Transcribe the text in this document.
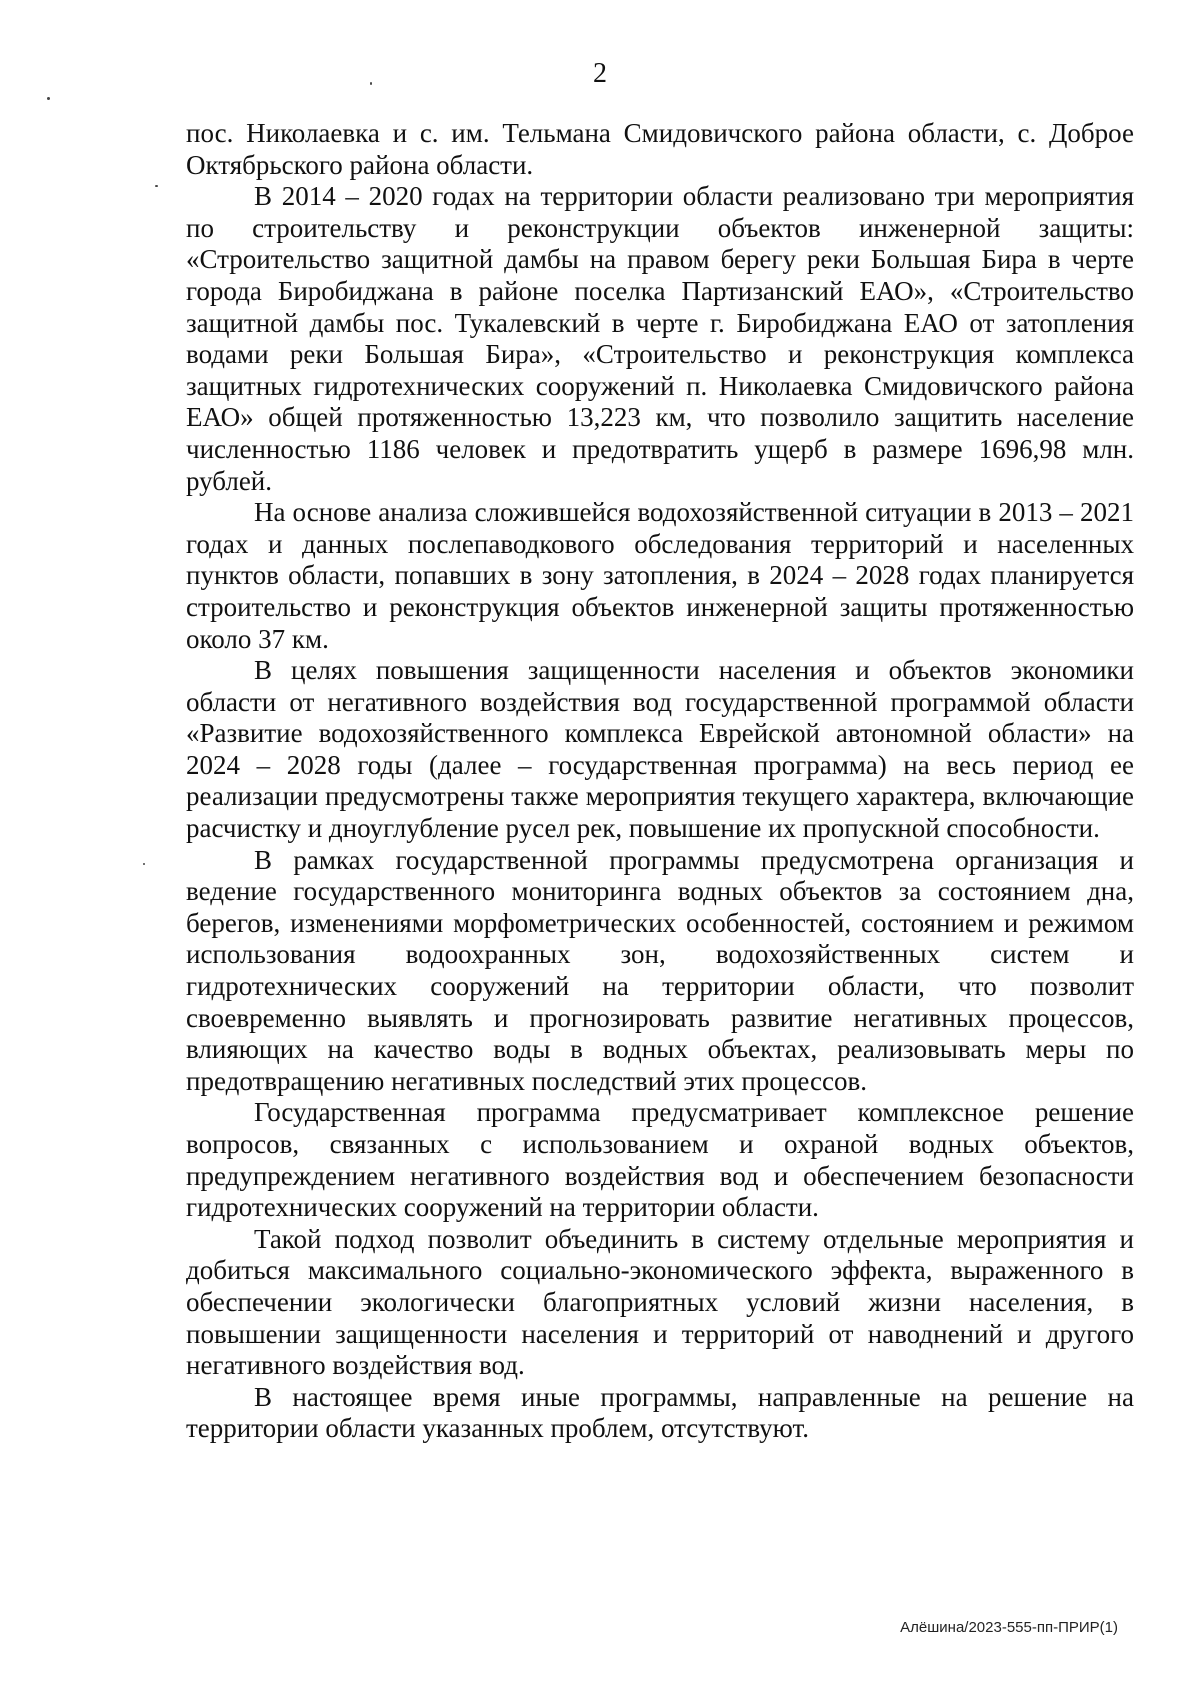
2

пос. Николаевка и с. им. Тельмана Смидовичского района области, с. Доброе Октябрьского района области.

В 2014 – 2020 годах на территории области реализовано три мероприятия по строительству и реконструкции объектов инженерной защиты: «Строительство защитной дамбы на правом берегу реки Большая Бира в черте города Биробиджана в районе поселка Партизанский ЕАО», «Строительство защитной дамбы пос. Тукалевский в черте г. Биробиджана ЕАО от затопления водами реки Большая Бира», «Строительство и реконструкция комплекса защитных гидротехнических сооружений п. Николаевка Смидовичского района ЕАО» общей протяженностью 13,223 км, что позволило защитить население численностью 1186 человек и предотвратить ущерб в размере 1696,98 млн. рублей.

На основе анализа сложившейся водохозяйственной ситуации в 2013 – 2021 годах и данных послепаводкового обследования территорий и населенных пунктов области, попавших в зону затопления, в 2024 – 2028 годах планируется строительство и реконструкция объектов инженерной защиты протяженностью около 37 км.

В целях повышения защищенности населения и объектов экономики области от негативного воздействия вод государственной программой области «Развитие водохозяйственного комплекса Еврейской автономной области» на 2024 – 2028 годы (далее – государственная программа) на весь период ее реализации предусмотрены также мероприятия текущего характера, включающие расчистку и дноуглубление русел рек, повышение их пропускной способности.

В рамках государственной программы предусмотрена организация и ведение государственного мониторинга водных объектов за состоянием дна, берегов, изменениями морфометрических особенностей, состоянием и режимом использования водоохранных зон, водохозяйственных систем и гидротехнических сооружений на территории области, что позволит своевременно выявлять и прогнозировать развитие негативных процессов, влияющих на качество воды в водных объектах, реализовывать меры по предотвращению негативных последствий этих процессов.

Государственная программа предусматривает комплексное решение вопросов, связанных с использованием и охраной водных объектов, предупреждением негативного воздействия вод и обеспечением безопасности гидротехнических сооружений на территории области.

Такой подход позволит объединить в систему отдельные мероприятия и добиться максимального социально-экономического эффекта, выраженного в обеспечении экологически благоприятных условий жизни населения, в повышении защищенности населения и территорий от наводнений и другого негативного воздействия вод.

В настоящее время иные программы, направленные на решение на территории области указанных проблем, отсутствуют.

Алёшина/2023-555-пп-ПРИР(1)
